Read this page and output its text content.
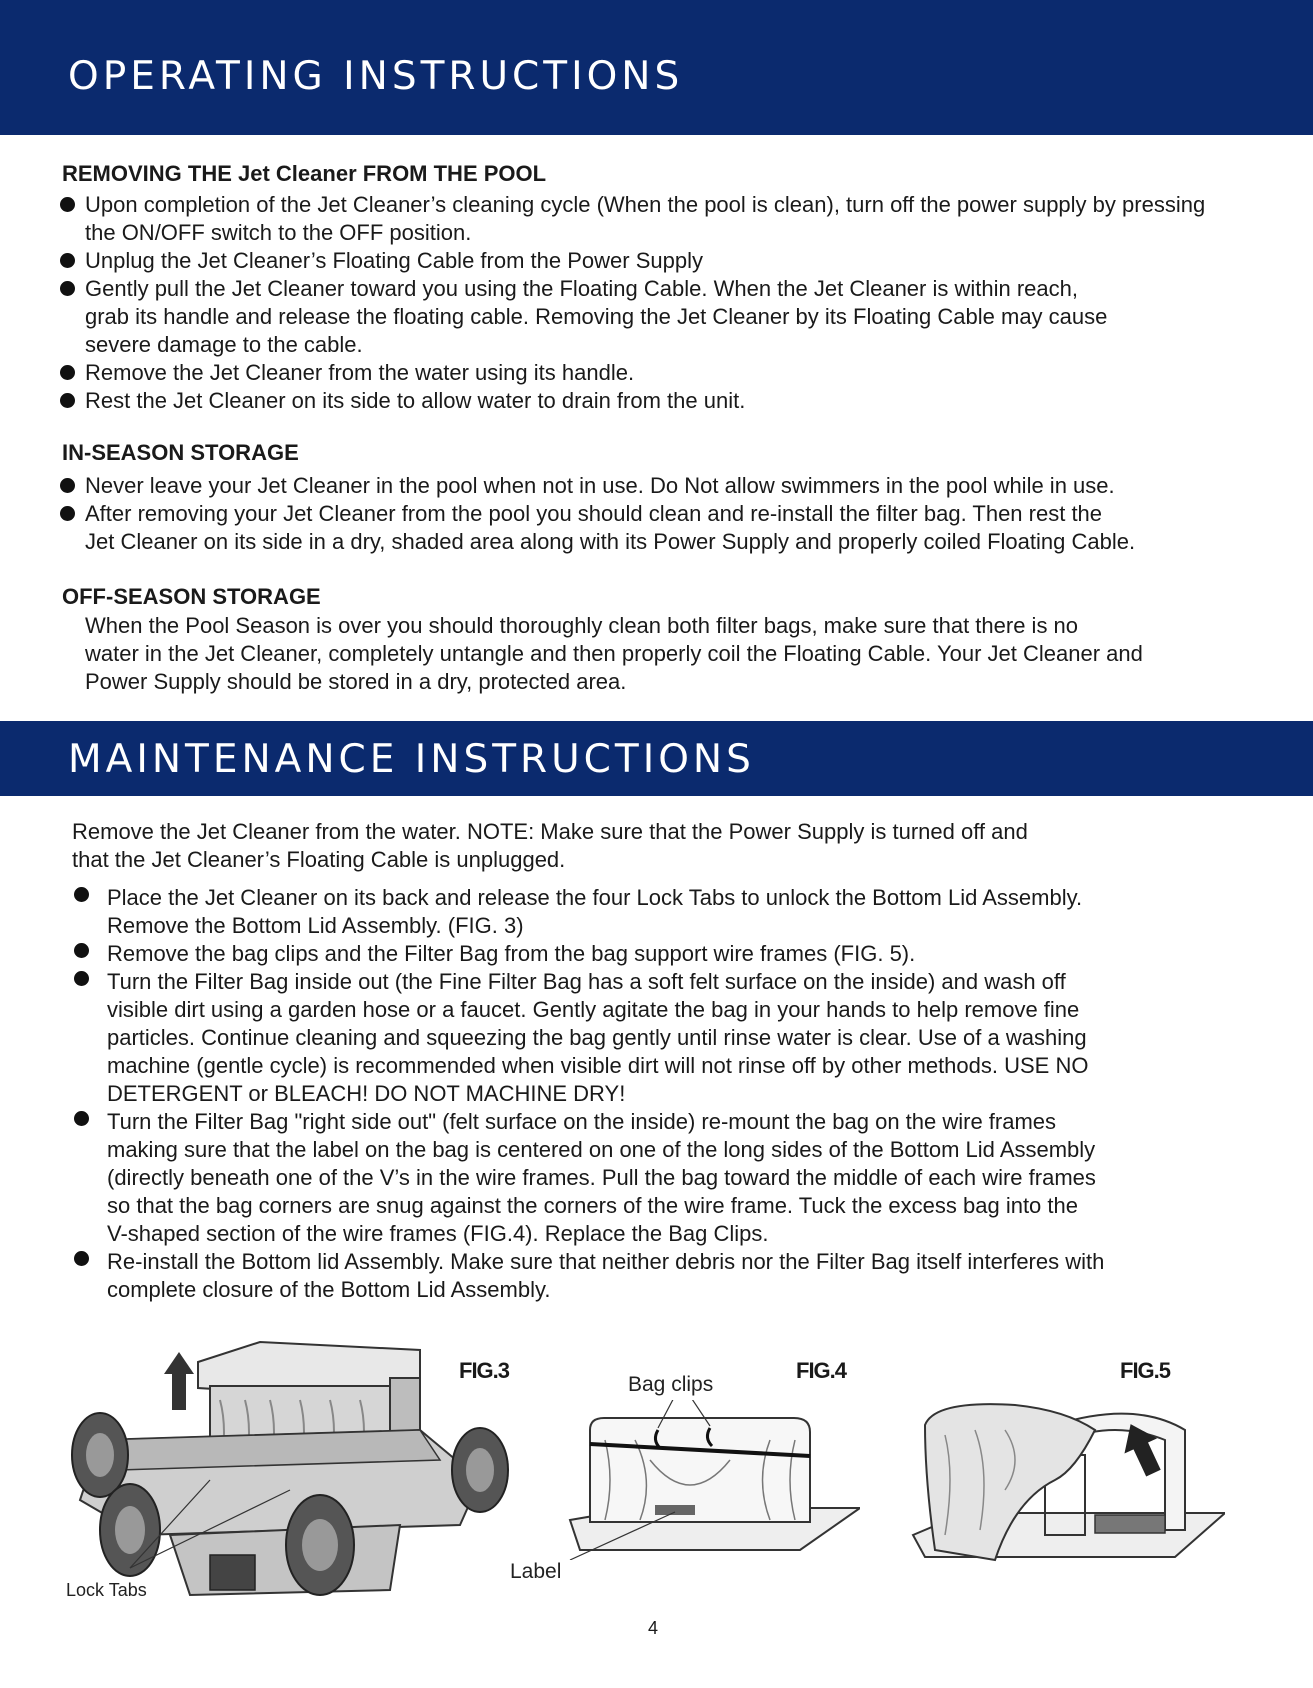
OPERATING INSTRUCTIONS
REMOVING THE Jet Cleaner FROM THE POOL
Upon completion of the Jet Cleaner’s cleaning cycle (When the pool is clean), turn off the power supply by pressing
the ON/OFF switch to the OFF position.
Unplug the Jet Cleaner’s Floating Cable from the Power Supply
Gently pull the Jet Cleaner toward you using the Floating Cable. When the Jet Cleaner is within reach,
grab its handle and release the floating cable. Removing the Jet Cleaner by its Floating Cable may cause
severe damage to the cable.
Remove the Jet Cleaner from the water using its handle.
Rest the Jet Cleaner on its side to allow water to drain from the unit.
IN-SEASON STORAGE
Never leave your Jet Cleaner in the pool when not in use. Do Not allow swimmers in the pool while in use.
After removing your Jet Cleaner from the pool you should clean and re-install the filter bag. Then rest the
Jet Cleaner on its side in a dry, shaded area along with its Power Supply and properly coiled Floating Cable.
OFF-SEASON STORAGE
When the Pool Season is over you should thoroughly clean both filter bags, make sure that there is no
water in the Jet Cleaner, completely untangle and then properly coil the Floating Cable. Your Jet Cleaner and
Power Supply should be stored in a dry, protected area.
MAINTENANCE INSTRUCTIONS
Remove the Jet Cleaner from the water. NOTE: Make sure that the Power Supply is turned off and
that the Jet Cleaner’s Floating Cable is unplugged.
Place the Jet Cleaner on its back and release the four Lock Tabs to unlock the Bottom Lid Assembly.
Remove the Bottom Lid Assembly. (FIG. 3)
Remove the bag clips and the Filter Bag from the bag support wire frames (FIG. 5).
Turn the Filter Bag inside out (the Fine Filter Bag has a soft felt surface on the inside) and wash off
visible dirt using a garden hose or a faucet. Gently agitate the bag in your hands to help remove fine
particles. Continue cleaning and squeezing the bag gently until rinse water is clear. Use of a washing
machine (gentle cycle) is recommended when visible dirt will not rinse off by other methods. USE NO
DETERGENT or BLEACH! DO NOT MACHINE DRY!
Turn the Filter Bag "right side out" (felt surface on the inside) re-mount the bag on the wire frames
making sure that the label on the bag is centered on one of the long sides of the Bottom Lid Assembly
(directly beneath one of the V’s in the wire frames. Pull the bag toward the middle of each wire frames
so that the bag corners are snug against the corners of the wire frame. Tuck the excess bag into the
V-shaped section of the wire frames (FIG.4). Replace the Bag Clips.
Re-install the Bottom lid Assembly. Make sure that neither debris nor the Filter Bag itself interferes with
complete closure of the Bottom Lid Assembly.
Lock Tabs
FIG.3
Bag clips
Label
FIG.4	FIG.5
4
